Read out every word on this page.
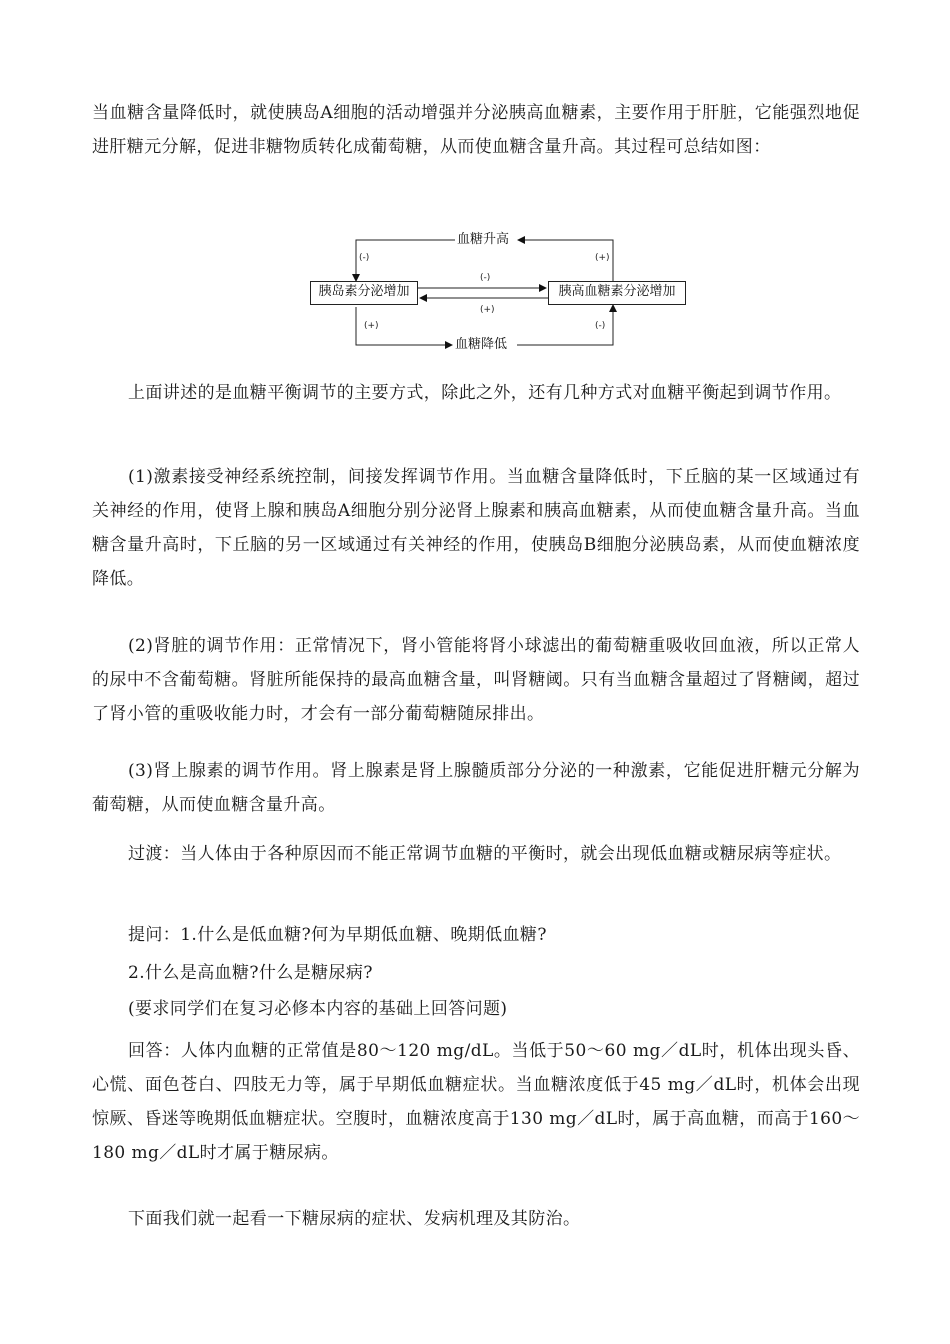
当血糖含量降低时，就使胰岛A细胞的活动增强并分泌胰高血糖素，主要作用于肝脏，它能强烈地促进肝糖元分解，促进非糖物质转化成葡萄糖，从而使血糖含量升高。其过程可总结如图：

血糖升高
血糖降低
胰岛素分泌增加	胰高血糖素分泌增加
(-)	(+)
(-)
(+)
(+)	(-)

上面讲述的是血糖平衡调节的主要方式，除此之外，还有几种方式对血糖平衡起到调节作用。

(1)激素接受神经系统控制，间接发挥调节作用。当血糖含量降低时，下丘脑的某一区域通过有关神经的作用，使肾上腺和胰岛A细胞分别分泌肾上腺素和胰高血糖素，从而使血糖含量升高。当血糖含量升高时，下丘脑的另一区域通过有关神经的作用，使胰岛B细胞分泌胰岛素，从而使血糖浓度降低。

(2)肾脏的调节作用：正常情况下，肾小管能将肾小球滤出的葡萄糖重吸收回血液，所以正常人的尿中不含葡萄糖。肾脏所能保持的最高血糖含量，叫肾糖阈。只有当血糖含量超过了肾糖阈，超过了肾小管的重吸收能力时，才会有一部分葡萄糖随尿排出。

(3)肾上腺素的调节作用。肾上腺素是肾上腺髓质部分分泌的一种激素，它能促进肝糖元分解为葡萄糖，从而使血糖含量升高。

过渡：当人体由于各种原因而不能正常调节血糖的平衡时，就会出现低血糖或糖尿病等症状。

提问：1.什么是低血糖?何为早期低血糖、晚期低血糖?

2.什么是高血糖?什么是糖尿病?

(要求同学们在复习必修本内容的基础上回答问题)

回答：人体内血糖的正常值是80～120 mg/dL。当低于50～60 mg／dL时，机体出现头昏、心慌、面色苍白、四肢无力等，属于早期低血糖症状。当血糖浓度低于45 mg／dL时，机体会出现惊厥、昏迷等晚期低血糖症状。空腹时，血糖浓度高于130 mg／dL时，属于高血糖，而高于160～180 mg／dL时才属于糖尿病。

下面我们就一起看一下糖尿病的症状、发病机理及其防治。
